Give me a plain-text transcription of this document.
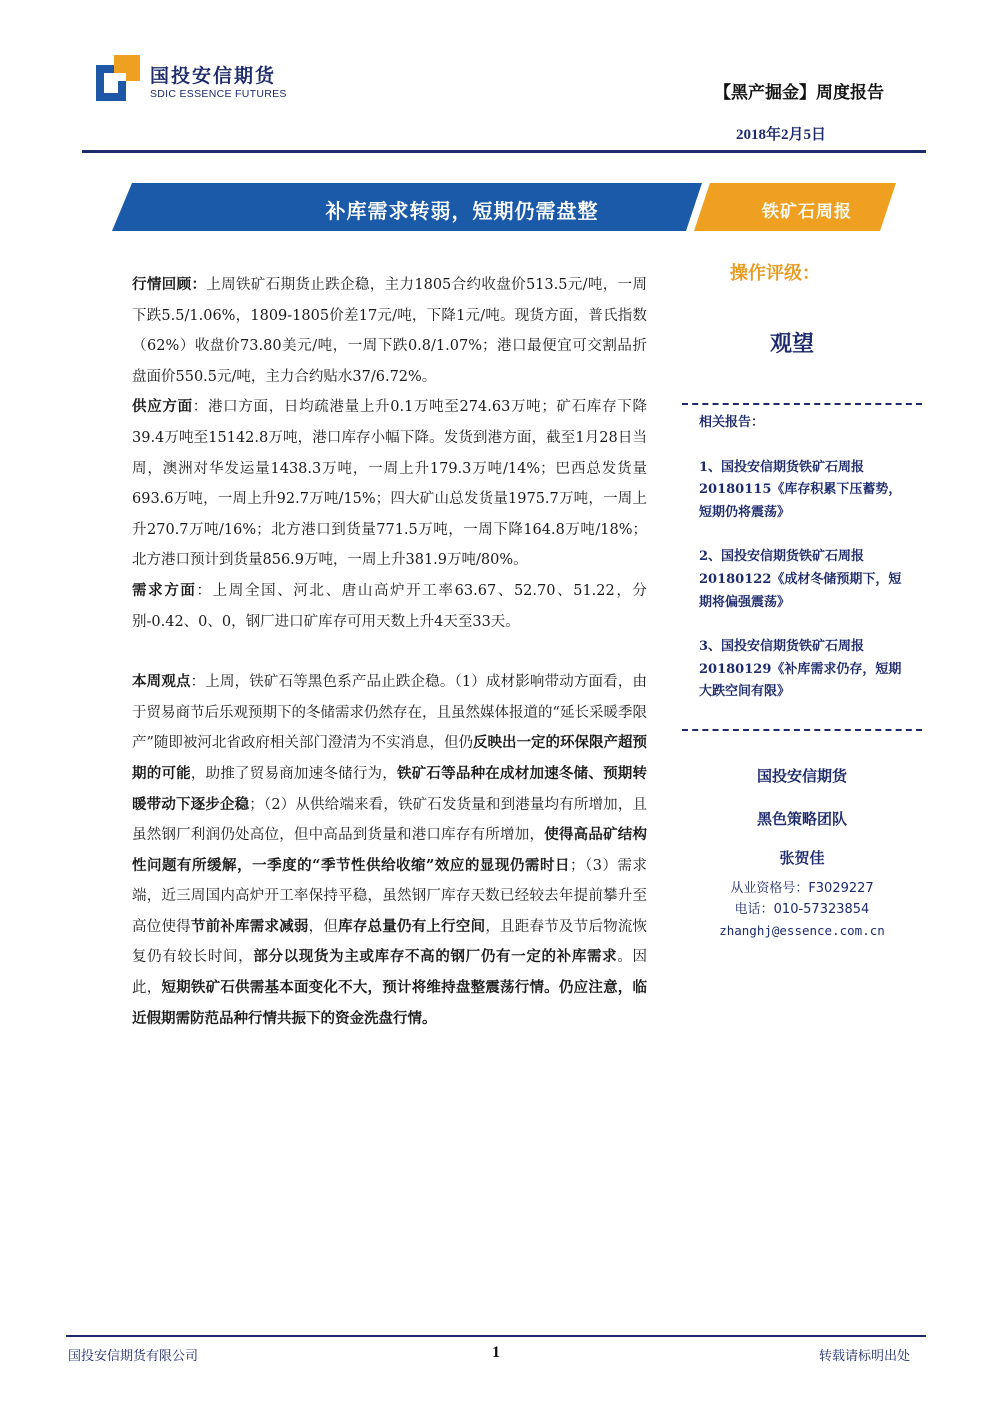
国投安信期货
SDIC ESSENCE FUTURES	【黑产掘金】周度报告
2018年2月5日
补库需求转弱，短期仍需盘整	铁矿石周报

行情回顾：上周铁矿石期货止跌企稳，主力1805合约收盘价513.5元/吨，一周下跌5.5/1.06%，1809-1805价差17元/吨，下降1元/吨。现货方面，普氏指数（62%）收盘价73.80美元/吨，一周下跌0.8/1.07%；港口最便宜可交割品折盘面价550.5元/吨，主力合约贴水37/6.72%。

供应方面：港口方面，日均疏港量上升0.1万吨至274.63万吨；矿石库存下降39.4万吨至15142.8万吨，港口库存小幅下降。发货到港方面，截至1月28日当周，澳洲对华发运量1438.3万吨，一周上升179.3万吨/14%；巴西总发货量693.6万吨，一周上升92.7万吨/15%；四大矿山总发货量1975.7万吨，一周上升270.7万吨/16%；北方港口到货量771.5万吨，一周下降164.8万吨/18%；北方港口预计到货量856.9万吨，一周上升381.9万吨/80%。

需求方面：上周全国、河北、唐山高炉开工率63.67、52.70、51.22，分别-0.42、0、0，钢厂进口矿库存可用天数上升4天至33天。

本周观点：上周，铁矿石等黑色系产品止跌企稳。（1）成材影响带动方面看，由于贸易商节后乐观预期下的冬储需求仍然存在，且虽然媒体报道的“延长采暖季限产”随即被河北省政府相关部门澄清为不实消息，但仍反映出一定的环保限产超预期的可能，助推了贸易商加速冬储行为，铁矿石等品种在成材加速冬储、预期转暖带动下逐步企稳；（2）从供给端来看，铁矿石发货量和到港量均有所增加，且虽然钢厂利润仍处高位，但中高品到货量和港口库存有所增加，使得高品矿结构性问题有所缓解，一季度的“季节性供给收缩”效应的显现仍需时日；（3）需求端，近三周国内高炉开工率保持平稳，虽然钢厂库存天数已经较去年提前攀升至高位使得节前补库需求减弱，但库存总量仍有上行空间，且距春节及节后物流恢复仍有较长时间，部分以现货为主或库存不高的钢厂仍有一定的补库需求。因此，短期铁矿石供需基本面变化不大，预计将维持盘整震荡行情。仍应注意，临近假期需防范品种行情共振下的资金洗盘行情。

操作评级：
观望
相关报告：
1、国投安信期货铁矿石周报20180115《库存积累下压蓄势，短期仍将震荡》
2、国投安信期货铁矿石周报20180122《成材冬储预期下，短期将偏强震荡》
3、国投安信期货铁矿石周报20180129《补库需求仍存，短期大跌空间有限》
国投安信期货
黑色策略团队
张贺佳
从业资格号：F3029227
电话：010-57323854
zhanghj@essence.com.cn
国投安信期货有限公司	1	转载请标明出处
